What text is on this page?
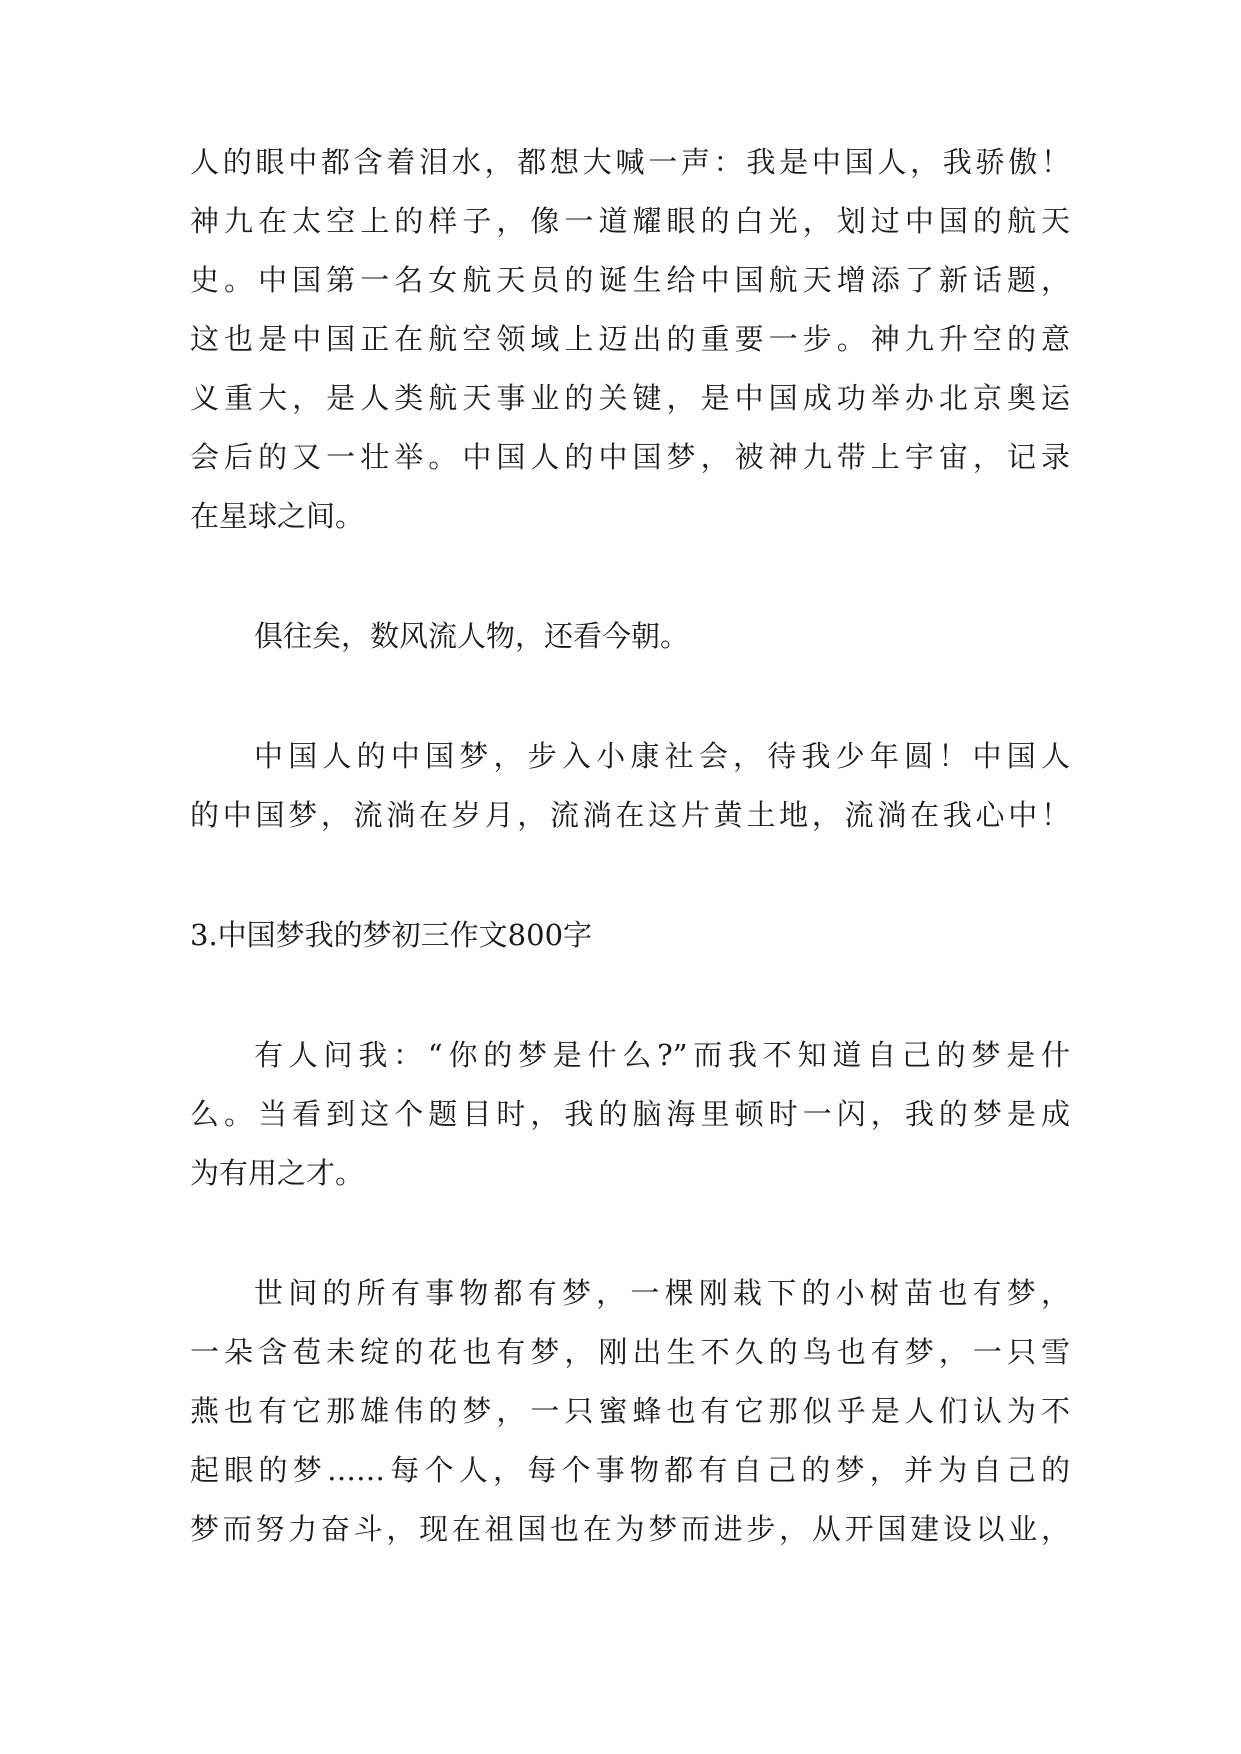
人的眼中都含着泪水，都想大喊一声：我是中国人，我骄傲！
神九在太空上的样子，像一道耀眼的白光，划过中国的航天
史。中国第一名女航天员的诞生给中国航天增添了新话题，
这也是中国正在航空领域上迈出的重要一步。神九升空的意
义重大，是人类航天事业的关键，是中国成功举办北京奥运
会后的又一壮举。中国人的中国梦，被神九带上宇宙，记录
在星球之间。
俱往矣，数风流人物，还看今朝。
中国人的中国梦，步入小康社会，待我少年圆！中国人
的中国梦，流淌在岁月，流淌在这片黄土地，流淌在我心中！
3.中国梦我的梦初三作文800字
有人问我：“你的梦是什么?”而我不知道自己的梦是什
么。当看到这个题目时，我的脑海里顿时一闪，我的梦是成
为有用之才。
世间的所有事物都有梦，一棵刚栽下的小树苗也有梦，
一朵含苞未绽的花也有梦，刚出生不久的鸟也有梦，一只雪
燕也有它那雄伟的梦，一只蜜蜂也有它那似乎是人们认为不
起眼的梦……每个人，每个事物都有自己的梦，并为自己的
梦而努力奋斗，现在祖国也在为梦而进步，从开国建设以业，
